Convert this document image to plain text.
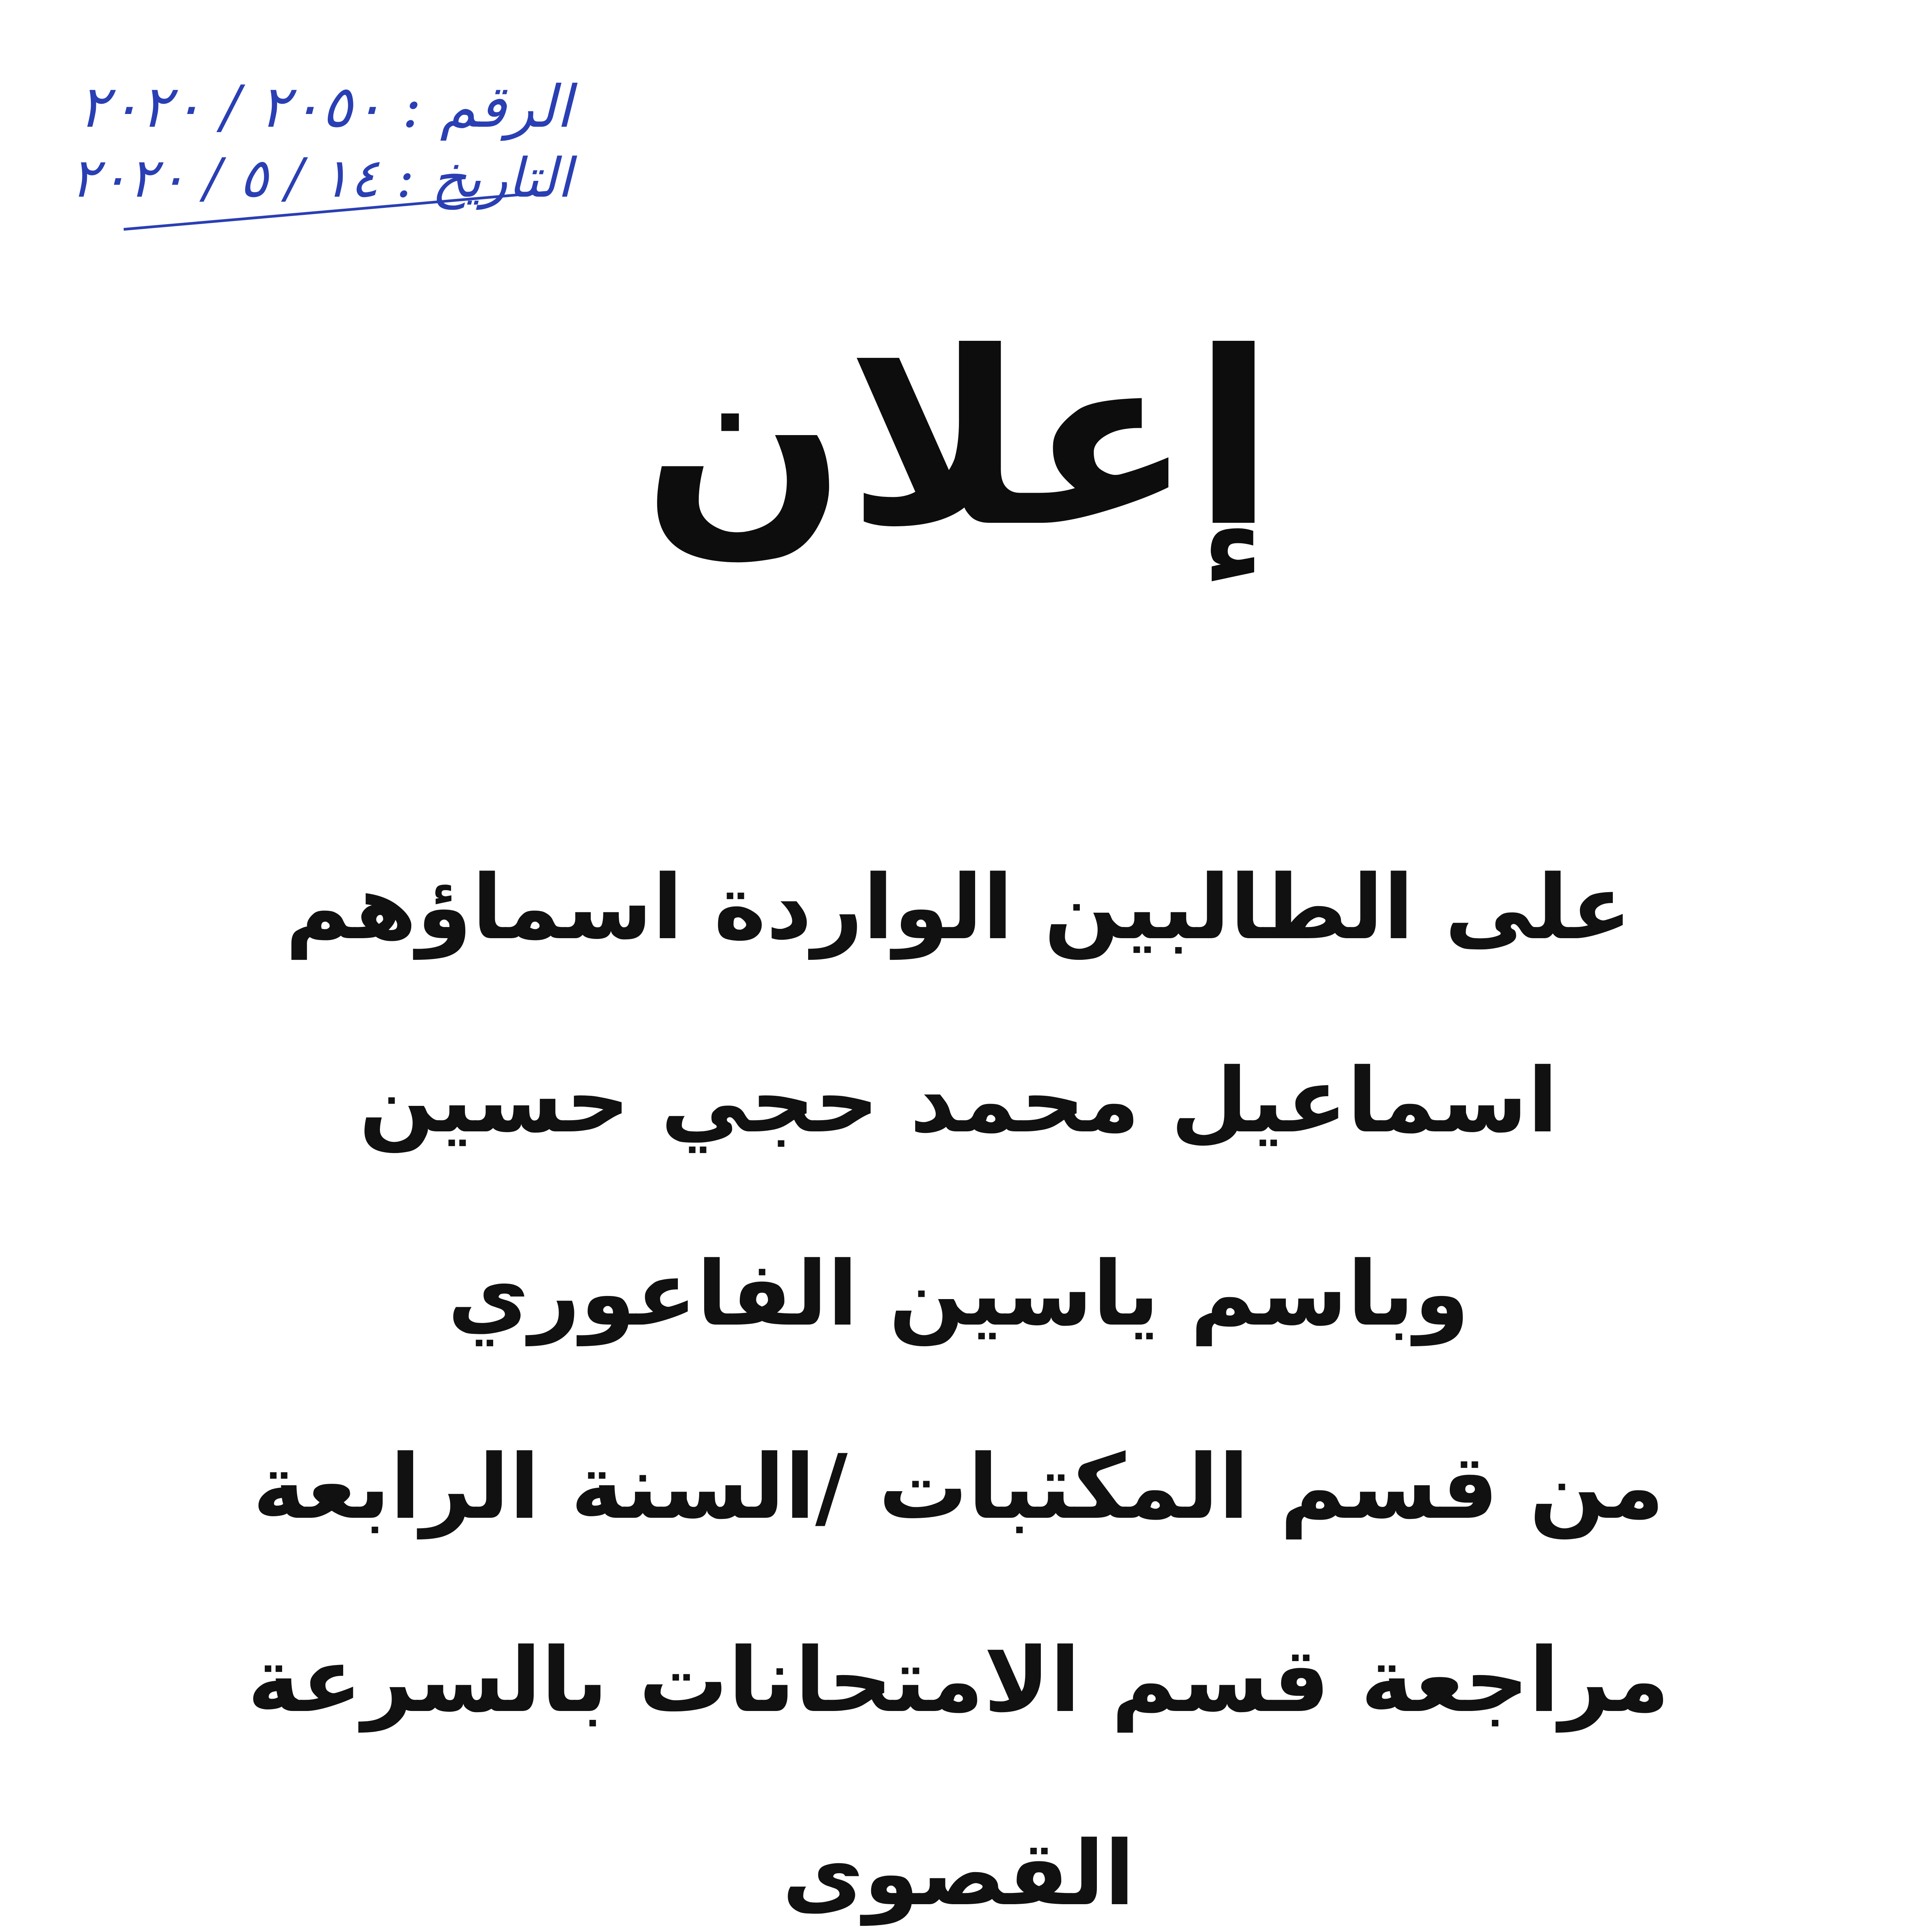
الرقم : ٢٠٥٠ / ٢٠٢٠
التاريخ : ١٤ / ٥ / ٢٠٢٠
إعلان
على الطالبين الواردة اسماؤهم
اسماعيل محمد حجي حسين
وباسم ياسين الفاعوري
من قسم المكتبات /السنة الرابعة
مراجعة قسم الامتحانات بالسرعة
القصوى
